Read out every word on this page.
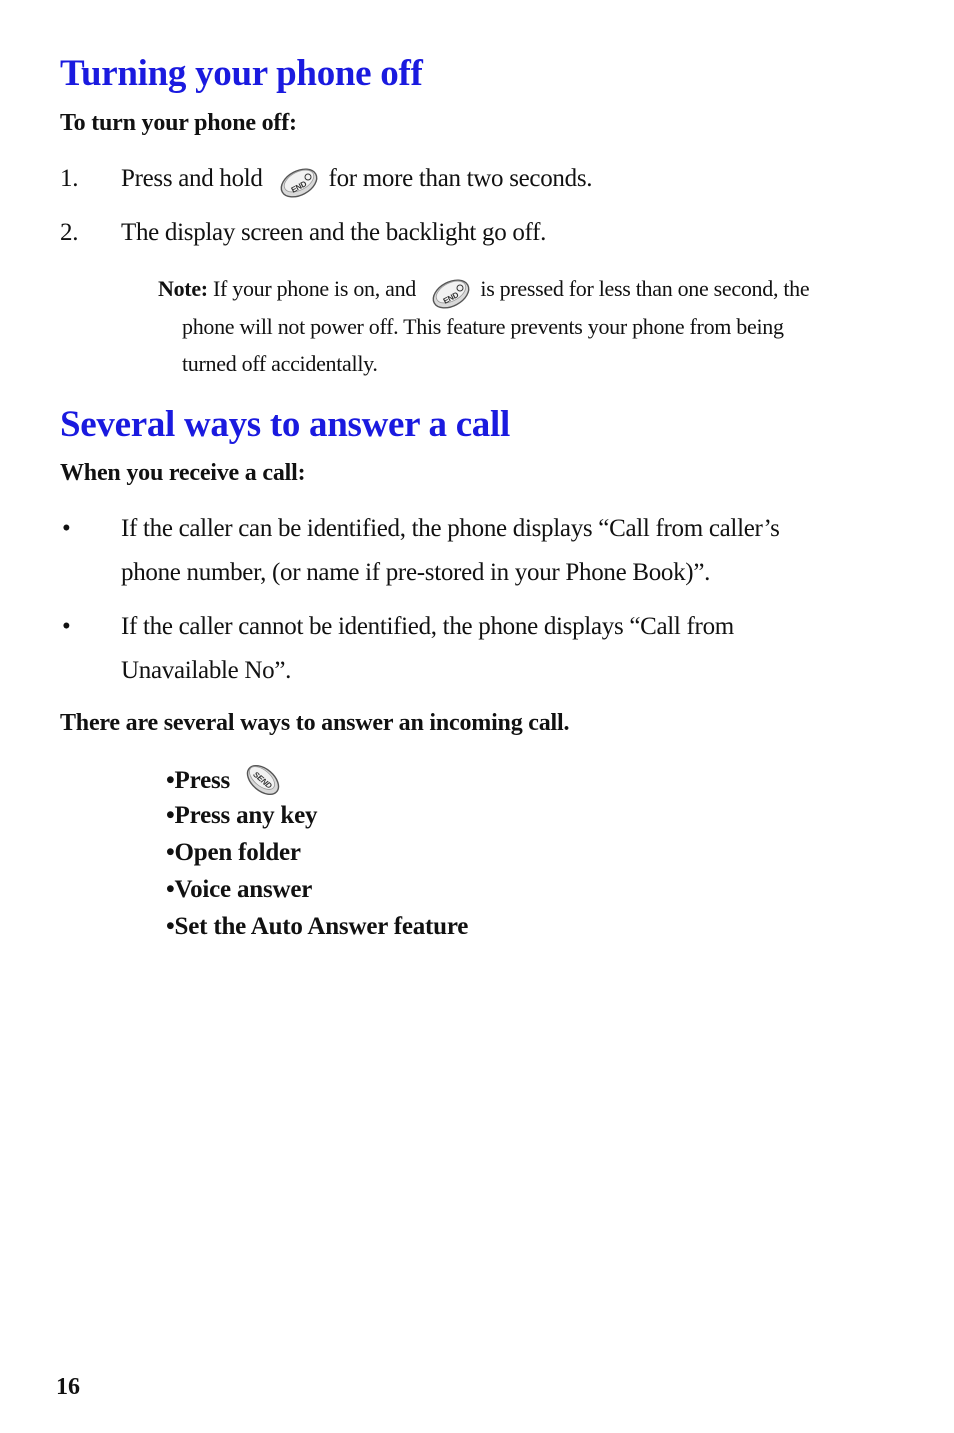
Turning your phone off
To turn your phone off:
1. Press and hold	END for more than two seconds.
2. The display screen and the backlight go off.
Note: If your phone is on, and	END is pressed for less than one second, the
phone will not power off. This feature prevents your phone from being
turned off accidentally.
Several ways to answer a call
When you receive a call:
• If the caller can be identified, the phone displays “Call from caller’s
phone number, (or name if pre-stored in your Phone Book)”.
• If the caller cannot be identified, the phone displays “Call from
Unavailable No”.
There are several ways to answer an incoming call.
•Press	SEND
•Press any key
•Open folder
•Voice answer
•Set the Auto Answer feature
16
